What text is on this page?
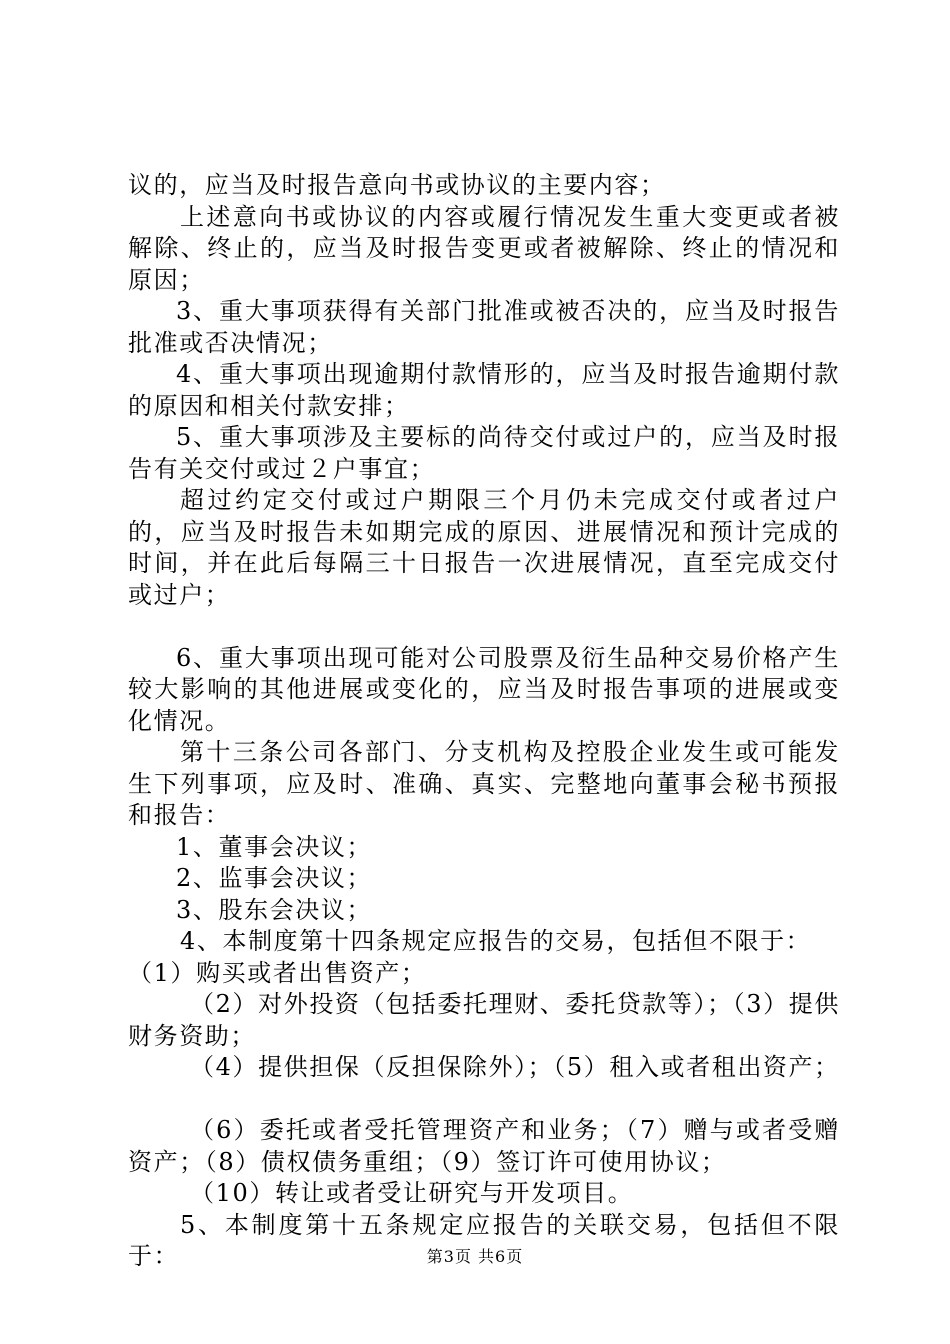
议的，应当及时报告意向书或协议的主要内容；

上述意向书或协议的内容或履行情况发生重大变更或者被解除、终止的，应当及时报告变更或者被解除、终止的情况和原因；

3、重大事项获得有关部门批准或被否决的，应当及时报告批准或否决情况；

4、重大事项出现逾期付款情形的，应当及时报告逾期付款的原因和相关付款安排；

5、重大事项涉及主要标的尚待交付或过户的，应当及时报告有关交付或过２户事宜；

超过约定交付或过户期限三个月仍未完成交付或者过户的，应当及时报告未如期完成的原因、进展情况和预计完成的时间，并在此后每隔三十日报告一次进展情况，直至完成交付或过户；

6、重大事项出现可能对公司股票及衍生品种交易价格产生较大影响的其他进展或变化的，应当及时报告事项的进展或变化情况。

第十三条公司各部门、分支机构及控股企业发生或可能发生下列事项，应及时、准确、真实、完整地向董事会秘书预报和报告：

1、董事会决议；

2、监事会决议；

3、股东会决议；

4、本制度第十四条规定应报告的交易，包括但不限于：

（1）购买或者出售资产；

（2）对外投资（包括委托理财、委托贷款等）；（3）提供财务资助；

（4）提供担保（反担保除外）；（5）租入或者租出资产；

（6）委托或者受托管理资产和业务；（7）赠与或者受赠资产；（8）债权债务重组；（9）签订许可使用协议；

（10）转让或者受让研究与开发项目。

5、本制度第十五条规定应报告的关联交易，包括但不限于：	第3页 共6页
